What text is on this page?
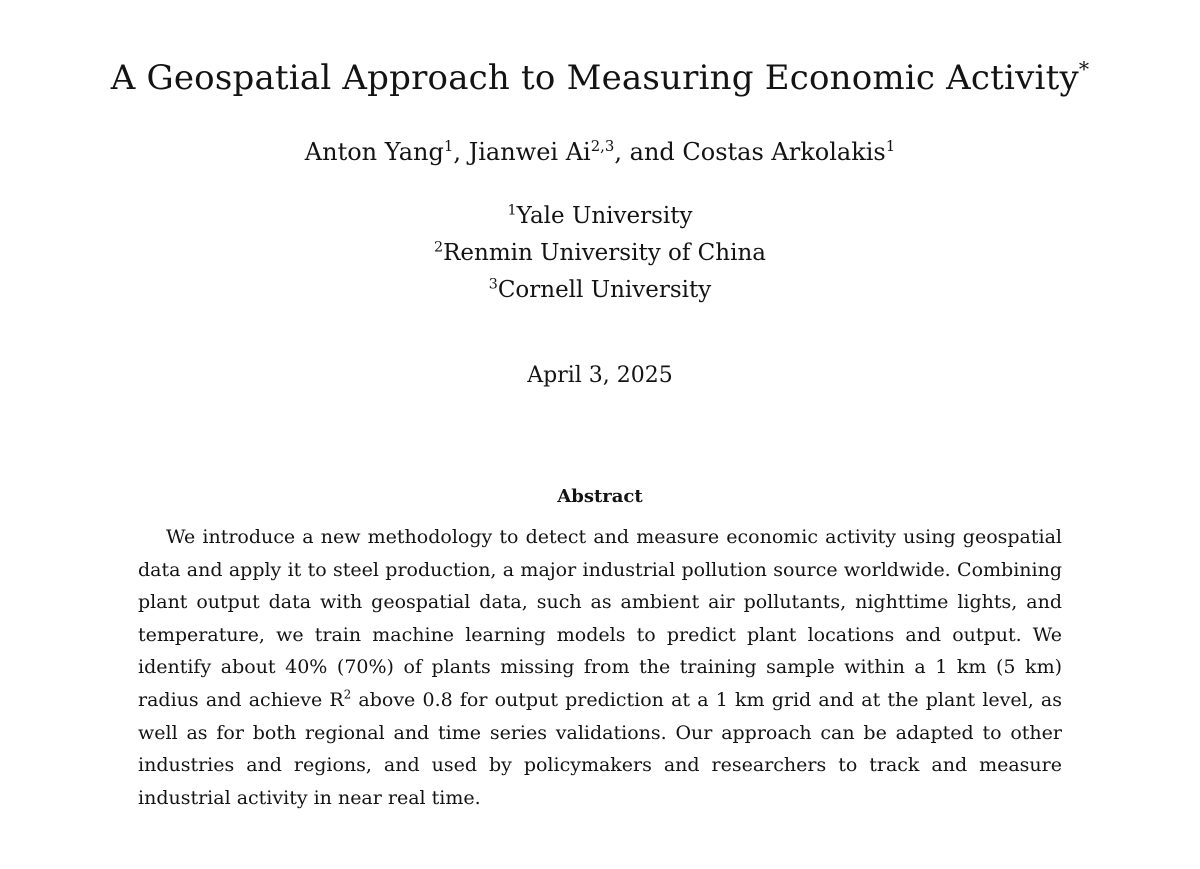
A Geospatial Approach to Measuring Economic Activity*

Anton Yang$^1$, Jianwei Ai$^{2,3}$, and Costas Arkolakis$^1$

$^1$Yale University

$^2$Renmin University of China

$^3$Cornell University

April 3, 2025

Abstract

We introduce a new methodology to detect and measure economic activity using geospatial data and apply it to steel production, a major industrial pollution source worldwide. Combining plant output data with geospatial data, such as ambient air pollutants, nighttime lights, and temperature, we train machine learning models to predict plant locations and output. We identify about 40% (70%) of plants missing from the training sample within a 1 km (5 km) radius and achieve $R^2$ above 0.8 for output prediction at a 1 km grid and at the plant level, as well as for both regional and time series validations. Our approach can be adapted to other industries and regions, and used by policymakers and researchers to track and measure industrial activity in near real time.
